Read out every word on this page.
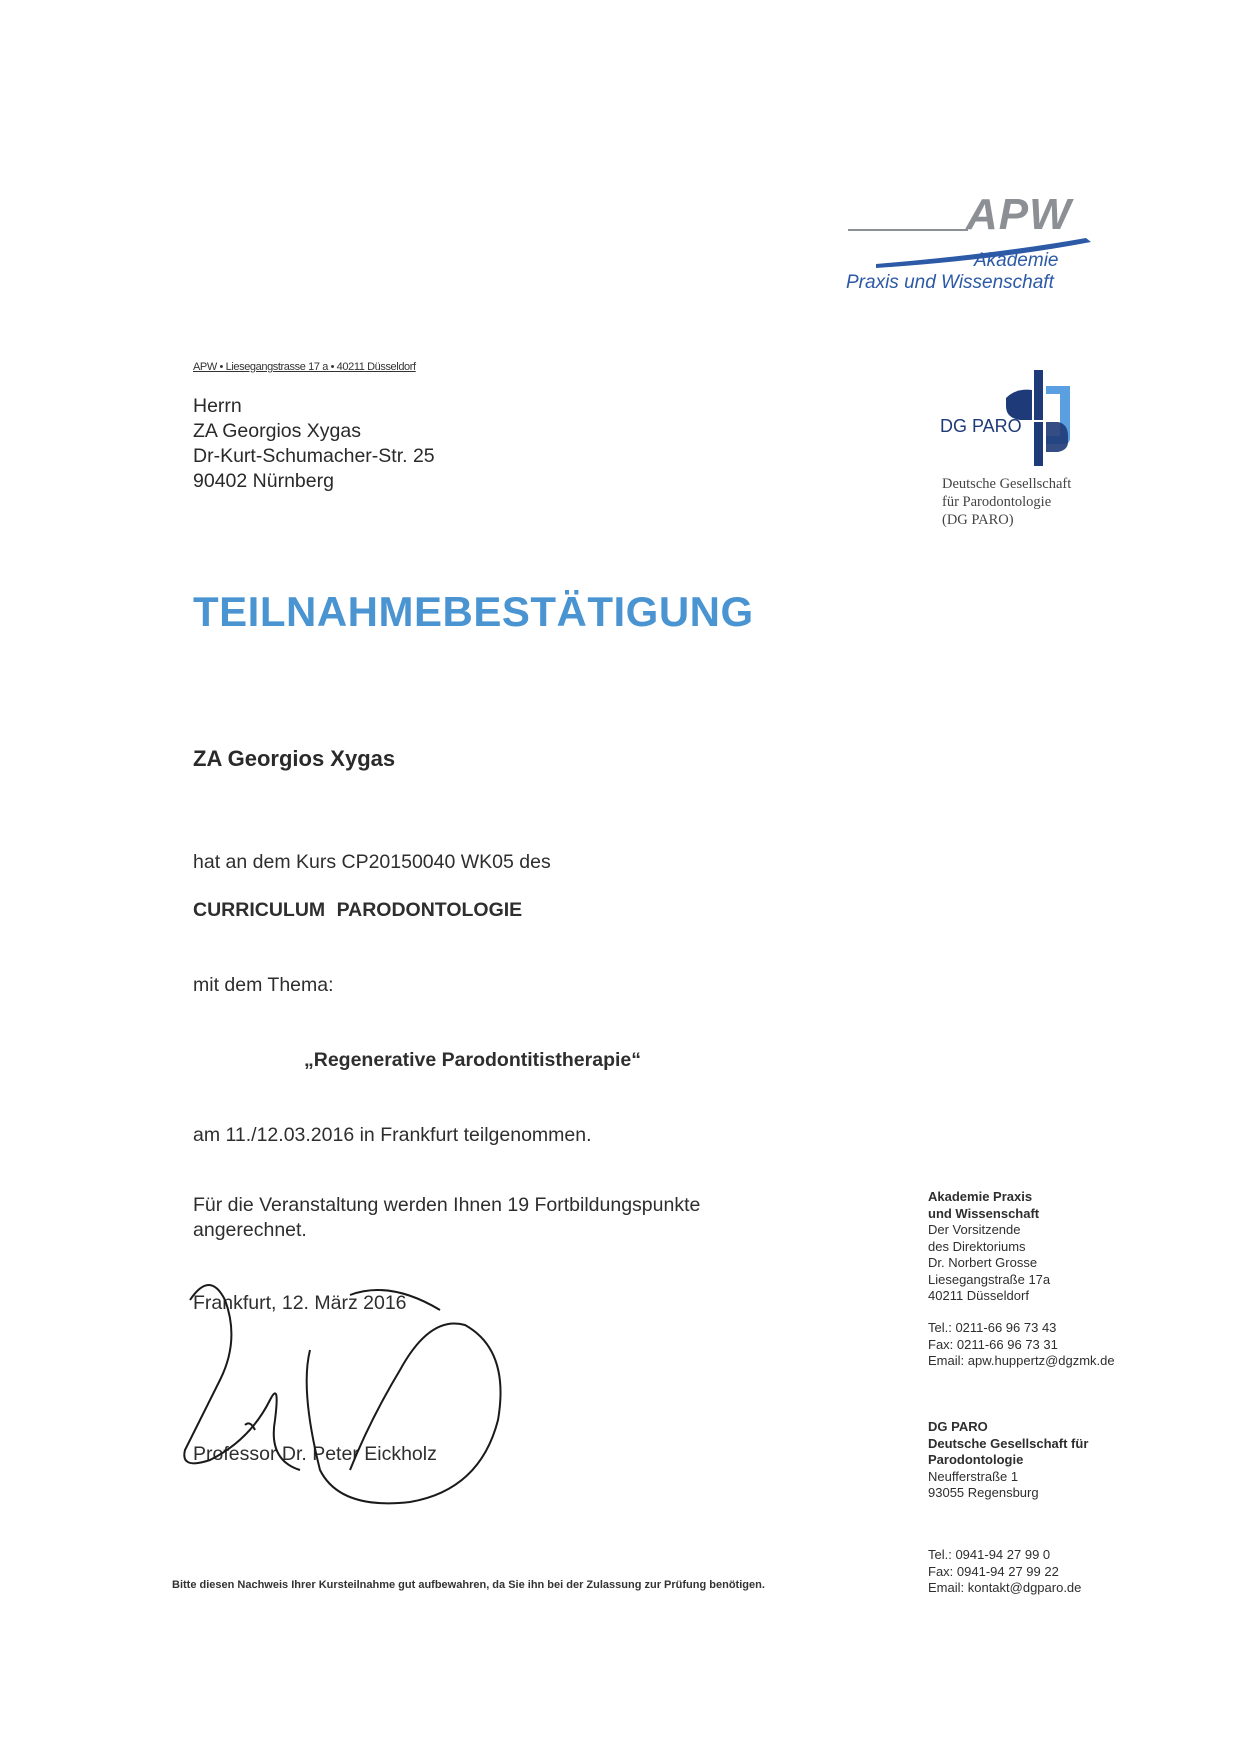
APW
Akademie
Praxis und Wissenschaft
DG PARO
Deutsche Gesellschaft
für Parodontologie
(DG PARO)
APW • Liesegangstrasse 17 a • 40211 Düsseldorf
Herrn
ZA Georgios Xygas
Dr-Kurt-Schumacher-Str. 25
90402 Nürnberg
TEILNAHMEBESTÄTIGUNG
ZA Georgios Xygas
hat an dem Kurs CP20150040 WK05 des
CURRICULUM PARODONTOLOGIE
mit dem Thema:
„Regenerative Parodontitistherapie“
am 11./12.03.2016 in Frankfurt teilgenommen.
Für die Veranstaltung werden Ihnen 19 Fortbildungspunkte
angerechnet.
Frankfurt, 12. März 2016
Professor Dr. Peter Eickholz
Bitte diesen Nachweis Ihrer Kursteilnahme gut aufbewahren, da Sie ihn bei der Zulassung zur Prüfung benötigen.
Akademie Praxis
und Wissenschaft
Der Vorsitzende
des Direktoriums
Dr. Norbert Grosse
Liesegangstraße 17a
40211 Düsseldorf
Tel.: 0211-66 96 73 43
Fax: 0211-66 96 73 31
Email: apw.huppertz@dgzmk.de
DG PARO
Deutsche Gesellschaft für
Parodontologie
Neufferstraße 1
93055 Regensburg
Tel.: 0941-94 27 99 0
Fax: 0941-94 27 99 22
Email: kontakt@dgparo.de
